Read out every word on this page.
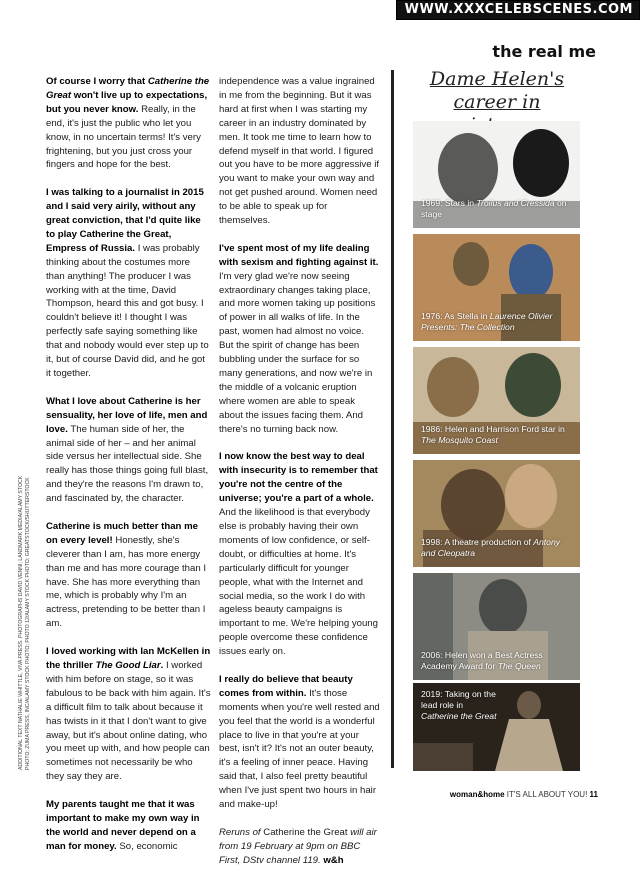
WWW.XXXCELEBSCENES.COM
the real me
ADDITIONAL TEXT NATHALIE WHITTLE, VIVA PRESS. PHOTOGRAPHS DAVID VENNI; LANDMARK MEDIA/ALAMY STOCK PHOTO; ZUMA PRESS, INC/ALAMY STOCK PHOTO; PHOTO 12/ALAMY STOCK PHOTO; GREATSTOCK/SHUTTERSTOCK

Of course I worry that Catherine the Great won't live up to expectations, but you never know. Really, in the end, it's just the public who let you know, in no uncertain terms! It's very frightening, but you just cross your fingers and hope for the best.

I was talking to a journalist in 2015 and I said very airily, without any great conviction, that I'd quite like to play Catherine the Great, Empress of Russia. I was probably thinking about the costumes more than anything! The producer I was working with at the time, David Thompson, heard this and got busy. I couldn't believe it! I thought I was perfectly safe saying something like that and nobody would ever step up to it, but of course David did, and he got it together.

What I love about Catherine is her sensuality, her love of life, men and love. The human side of her, the animal side of her – and her animal side versus her intellectual side. She really has those things going full blast, and they're the reasons I'm drawn to, and fascinated by, the character.

Catherine is much better than me on every level! Honestly, she's cleverer than I am, has more energy than me and has more courage than I have. She has more everything than me, which is probably why I'm an actress, pretending to be better than I am.

I loved working with Ian McKellen in the thriller The Good Liar. I worked with him before on stage, so it was fabulous to be back with him again. It's a difficult film to talk about because it has twists in it that I don't want to give away, but it's about online dating, who you meet up with, and how people can sometimes not necessarily be who they say they are.

My parents taught me that it was important to make my own way in the world and never depend on a man for money. So, economic

independence was a value ingrained in me from the beginning. But it was hard at first when I was starting my career in an industry dominated by men. It took me time to learn how to defend myself in that world. I figured out you have to be more aggressive if you want to make your own way and not get pushed around. Women need to be able to speak up for themselves.

I've spent most of my life dealing with sexism and fighting against it. I'm very glad we're now seeing extraordinary changes taking place, and more women taking up positions of power in all walks of life. In the past, women had almost no voice. But the spirit of change has been bubbling under the surface for so many generations, and now we're in the middle of a volcanic eruption where women are able to speak about the issues facing them. And there's no turning back now.

I now know the best way to deal with insecurity is to remember that you're not the centre of the universe; you're a part of a whole. And the likelihood is that everybody else is probably having their own moments of low confidence, or self-doubt, or difficulties at home. It's particularly difficult for younger people, what with the Internet and social media, so the work I do with ageless beauty campaigns is important to me. We're helping young people overcome these confidence issues early on.

I really do believe that beauty comes from within. It's those moments when you're well rested and you feel that the world is a wonderful place to live in that you're at your best, isn't it? It's not an outer beauty, it's a feeling of inner peace. Having said that, I also feel pretty beautiful when I've just spent two hours in hair and make-up!

Reruns of Catherine the Great will air from 19 February at 9pm on BBC First, DStv channel 119. w&h

Dame Helen's
career in
1969: Stars in Troilus and Cressida on stage
1976: As Stella in Laurence Olivier Presents: The Collection
1986: Helen and Harrison Ford star in The Mosquito Coast
1998: A theatre production of Antony and Cleopatra
2006: Helen won a Best Actress Academy Award for The Queen
2019: Taking on the lead role in Catherine the Great
woman&home IT'S ALL ABOUT YOU! 11
